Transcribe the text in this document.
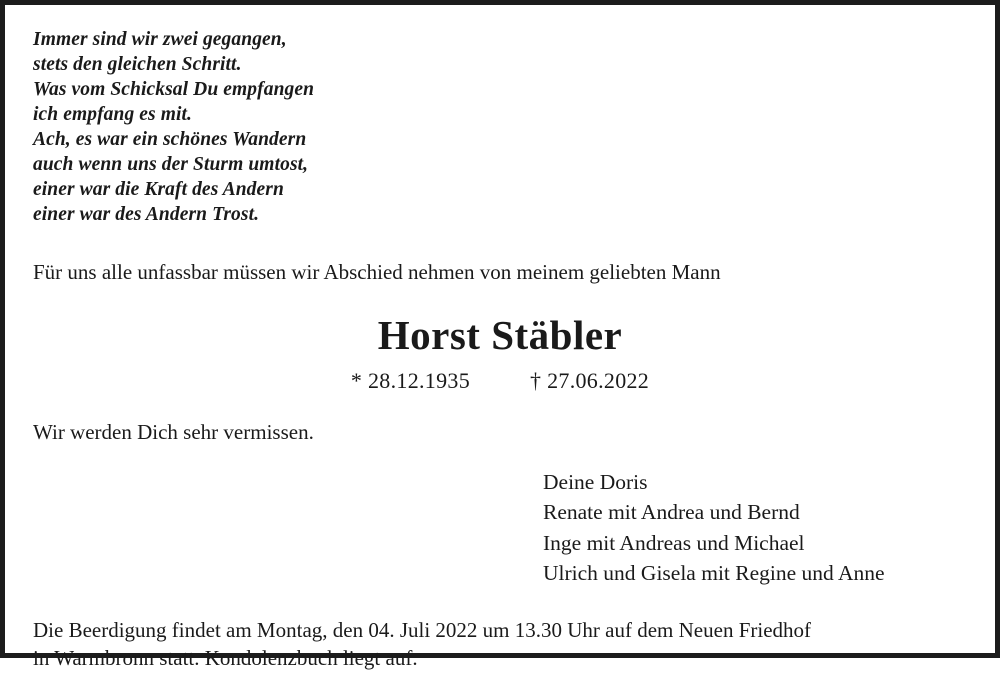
Immer sind wir zwei gegangen,
stets den gleichen Schritt.
Was vom Schicksal Du empfangen
ich empfang es mit.
Ach, es war ein schönes Wandern
auch wenn uns der Sturm umtost,
einer war die Kraft des Andern
einer war des Andern Trost.
Für uns alle unfassbar müssen wir Abschied nehmen von meinem geliebten Mann
Horst Stäbler
* 28.12.1935	† 27.06.2022
Wir werden Dich sehr vermissen.
Deine Doris
Renate mit Andrea und Bernd
Inge mit Andreas und Michael
Ulrich und Gisela mit Regine und Anne
Die Beerdigung findet am Montag, den 04. Juli 2022 um 13.30 Uhr auf dem Neuen Friedhof
in Warmbronn statt. Kondolenzbuch liegt auf.
